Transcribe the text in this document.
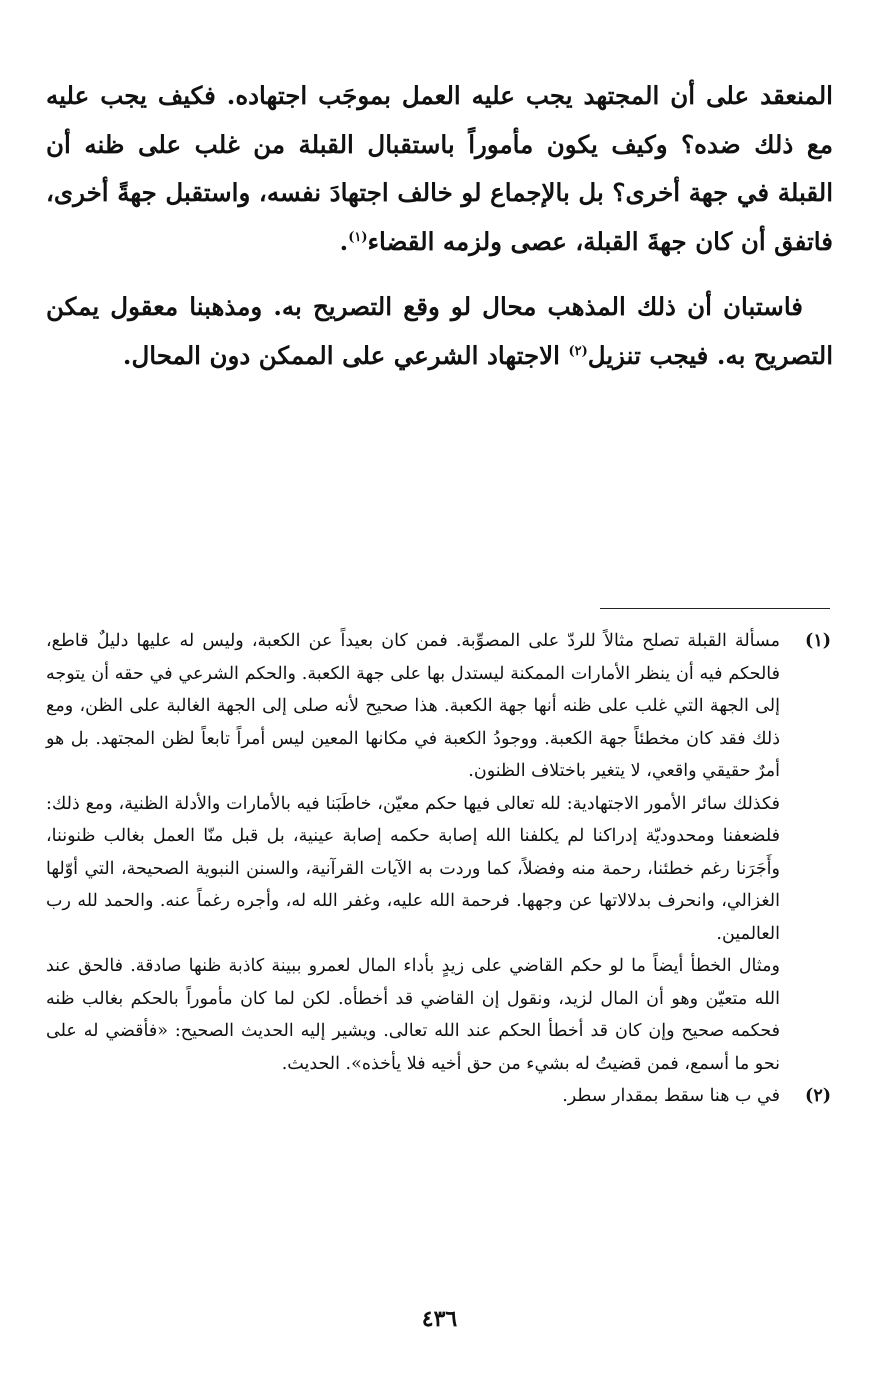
المنعقد على أن المجتهد يجب عليه العمل بموجَب اجتهاده. فكيف يجب عليه مع ذلك ضده؟ وكيف يكون مأموراً باستقبال القبلة من غلب على ظنه أن القبلة في جهة أخرى؟ بل بالإجماع لو خالف اجتهادَ نفسه، واستقبل جهةً أخرى، فاتفق أن كان جهةَ القبلة، عصى ولزمه القضاء$^{(١)}$.

فاستبان أن ذلك المذهب محال لو وقع التصريح به. ومذهبنا معقول يمكن التصريح به. فيجب تنزيل$^{(٢)}$ الاجتهاد الشرعي على الممكن دون المحال.

(١)

مسألة القبلة تصلح مثالاً للردّ على المصوِّبة. فمن كان بعيداً عن الكعبة، وليس له عليها دليلٌ قاطع، فالحكم فيه أن ينظر الأمارات الممكنة ليستدل بها على جهة الكعبة. والحكم الشرعي في حقه أن يتوجه إلى الجهة التي غلب على ظنه أنها جهة الكعبة. هذا صحيح لأنه صلى إلى الجهة الغالبة على الظن، ومع ذلك فقد كان مخطئاً جهة الكعبة. ووجودُ الكعبة في مكانها المعين ليس أمراً تابعاً لظن المجتهد. بل هو أمرٌ حقيقي واقعي، لا يتغير باختلاف الظنون.

فكذلك سائر الأمور الاجتهادية: لله تعالى فيها حكم معيّن، خاطَبَنا فيه بالأمارات والأدلة الظنية، ومع ذلك: فلضعفنا ومحدوديّة إدراكنا لم يكلفنا الله إصابة حكمه إصابة عينية، بل قبل منّا العمل بغالب ظنوننا، وأَجَرَنا رغم خطئنا، رحمة منه وفضلاً، كما وردت به الآيات القرآنية، والسنن النبوية الصحيحة، التي أوّلها الغزالي، وانحرف بدلالاتها عن وجهها. فرحمة الله عليه، وغفر الله له، وأجره رغماً عنه. والحمد لله رب العالمين.

ومثال الخطأ أيضاً ما لو حكم القاضي على زيدٍ بأداء المال لعمرو ببينة كاذبة ظنها صادقة. فالحق عند الله متعيّن وهو أن المال لزيد، ونقول إن القاضي قد أخطأه. لكن لما كان مأموراً بالحكم بغالب ظنه فحكمه صحيح وإن كان قد أخطأ الحكم عند الله تعالى. ويشير إليه الحديث الصحيح: «فأقضي له على نحو ما أسمع، فمن قضيتُ له بشيء من حق أخيه فلا يأخذه». الحديث.

(٢)

في ب هنا سقط بمقدار سطر.

٤٣٦
